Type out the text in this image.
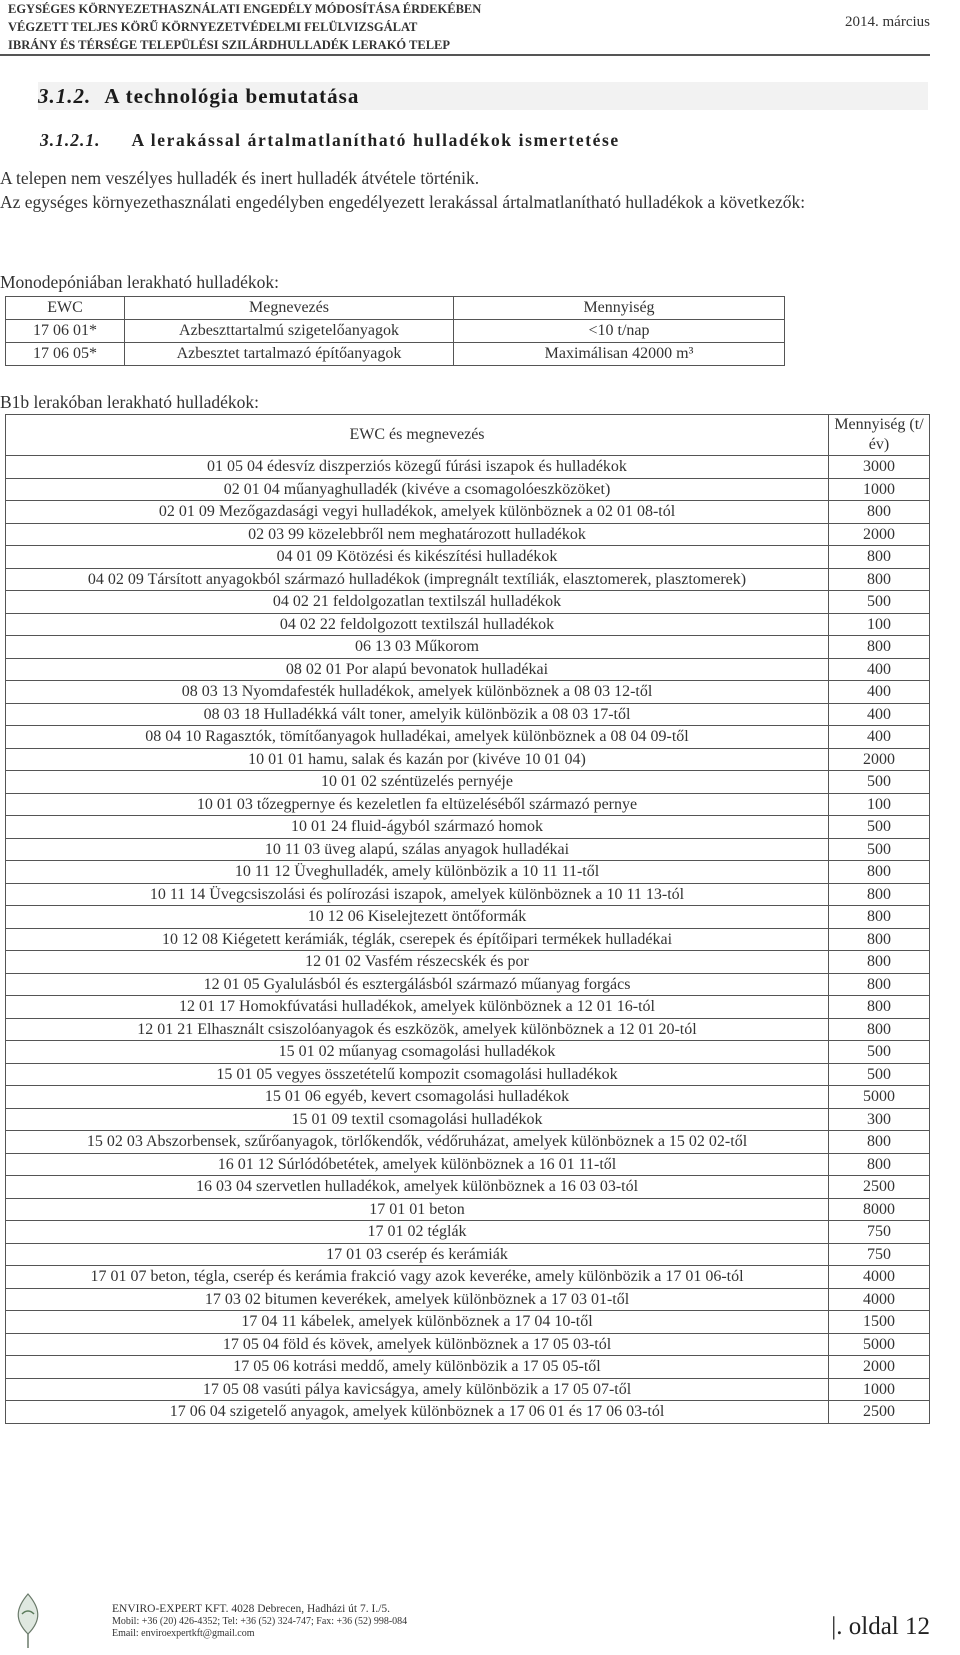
EGYSÉGES KÖRNYEZETHASZNÁLATI ENGEDÉLY MÓDOSÍTÁSA ÉRDEKÉBEN
VÉGZETT TELJES KÖRŰ KÖRNYEZETVÉDELMI FELÜLVIZSGÁLAT
IBRÁNY ÉS TÉRSÉGE TELEPÜLÉSI SZILÁRDHULLADÉK LERAKÓ TELEP
2014. március
3.1.2. A technológia bemutatása
3.1.2.1. A lerakással ártalmatlanítható hulladékok ismertetése
A telepen nem veszélyes hulladék és inert hulladék átvétele történik.
Az egységes környezethasználati engedélyben engedélyezett lerakással ártalmatlanítható hulladékok a következők:
Monodepóniában lerakható hulladékok:
EWC	Megnevezés	Mennyiség
17 06 01*	Azbeszttartalmú szigetelőanyagok	<10 t/nap
17 06 05*	Azbesztet tartalmazó építőanyagok	Maximálisan 42000 m³
B1b lerakóban lerakható hulladékok:
EWC és megnevezés	Mennyiség (t/év)
01 05 04 édesvíz diszperziós közegű fúrási iszapok és hulladékok	3000
02 01 04 műanyaghulladék (kivéve a csomagolóeszközöket)	1000
02 01 09 Mezőgazdasági vegyi hulladékok, amelyek különböznek a 02 01 08-tól	800
02 03 99 közelebbről nem meghatározott hulladékok	2000
04 01 09 Kötözési és kikészítési hulladékok	800
04 02 09 Társított anyagokból származó hulladékok (impregnált textíliák, elasztomerek, plasztomerek)	800
04 02 21 feldolgozatlan textilszál hulladékok	500
04 02 22 feldolgozott textilszál hulladékok	100
06 13 03 Műkorom	800
08 02 01 Por alapú bevonatok hulladékai	400
08 03 13 Nyomdafesték hulladékok, amelyek különböznek a 08 03 12-től	400
08 03 18 Hulladékká vált toner, amelyik különbözik a 08 03 17-től	400
08 04 10 Ragasztók, tömítőanyagok hulladékai, amelyek különböznek a 08 04 09-től	400
10 01 01 hamu, salak és kazán por (kivéve 10 01 04)	2000
10 01 02 széntüzelés pernyéje	500
10 01 03 tőzegpernye és kezeletlen fa eltüzeléséből származó pernye	100
10 01 24 fluid-ágyból származó homok	500
10 11 03 üveg alapú, szálas anyagok hulladékai	500
10 11 12 Üveghulladék, amely különbözik a 10 11 11-től	800
10 11 14 Üvegcsiszolási és polírozási iszapok, amelyek különböznek a 10 11 13-tól	800
10 12 06 Kiselejtezett öntőformák	800
10 12 08 Kiégetett kerámiák, téglák, cserepek és építőipari termékek hulladékai	800
12 01 02 Vasfém részecskék és por	800
12 01 05 Gyalulásból és esztergálásból származó műanyag forgács	800
12 01 17 Homokfúvatási hulladékok, amelyek különböznek a 12 01 16-tól	800
12 01 21 Elhasznált csiszolóanyagok és eszközök, amelyek különböznek a 12 01 20-tól	800
15 01 02 műanyag csomagolási hulladékok	500
15 01 05 vegyes összetételű kompozit csomagolási hulladékok	500
15 01 06 egyéb, kevert csomagolási hulladékok	5000
15 01 09 textil csomagolási hulladékok	300
15 02 03 Abszorbensek, szűrőanyagok, törlőkendők, védőruházat, amelyek különböznek a 15 02 02-től	800
16 01 12 Súrlódóbetétek, amelyek különböznek a 16 01 11-től	800
16 03 04 szervetlen hulladékok, amelyek különböznek a 16 03 03-tól	2500
17 01 01 beton	8000
17 01 02 téglák	750
17 01 03 cserép és kerámiák	750
17 01 07 beton, tégla, cserép és kerámia frakció vagy azok keveréke, amely különbözik a 17 01 06-tól	4000
17 03 02 bitumen keverékek, amelyek különböznek a 17 03 01-től	4000
17 04 11 kábelek, amelyek különböznek a 17 04 10-től	1500
17 05 04 föld és kövek, amelyek különböznek a 17 05 03-tól	5000
17 05 06 kotrási meddő, amely különbözik a 17 05 05-től	2000
17 05 08 vasúti pálya kavicságya, amely különbözik a 17 05 07-től	1000
17 06 04 szigetelő anyagok, amelyek különböznek a 17 06 01 és 17 06 03-tól	2500
ENVIRO-EXPERT KFT. 4028 Debrecen, Hadházi út 7. I./5.
Mobil: +36 (20) 426-4352; Tel: +36 (52) 324-747; Fax: +36 (52) 998-084
Email: enviroexpertkft@gmail.com	|. oldal 12
